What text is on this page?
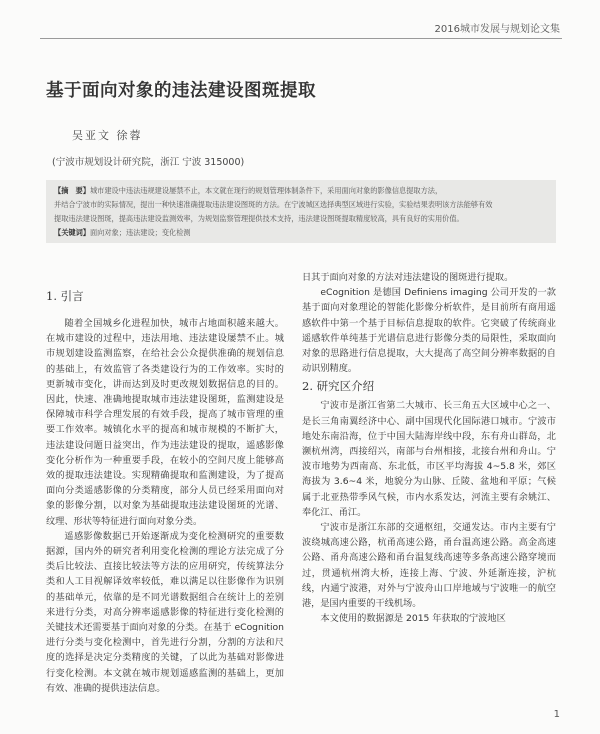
2016城市发展与规划论文集
基于面向对象的违法建设图斑提取
吴亚文 徐蓉
(宁波市规划设计研究院，浙江 宁波 315000)
【摘　要】城市建设中违法违规建设屡禁不止，本文就在现行的规划管理体制条件下，采用面向对象的影像信息提取方法，
并结合宁波市的实际情况，提出一种快速准确提取违法建设图斑的方法。在宁波城区选择典型区域进行实验，实验结果表明该方法能够有效
提取违法建设图斑，提高违法建设监测效率，为规划监察管理提供技术支持，违法建设图斑提取精度较高，具有良好的实用价值。
【关键词】面向对象；违法建设；变化检测
1. 引言

随着全国城乡化进程加快，城市占地面积越来越大。在城市建设的过程中，违法用地、违法建设屡禁不止。城市规划建设监测监察，在给社会公众提供准确的规划信息的基础上，有效监管了各类建设行为的工作效率。实时的更新城市变化，讲而达到及时更改规划数据信息的目的。因此，快速、准确地提取城市违法建设图斑，监测建设是保障城市科学合理发展的有效手段，提高了城市管理的重要工作效率。城镇化水平的提高和城市规模的不断扩大，违法建设问题日益突出，作为违法建设的提取，遥感影像变化分析作为一种重要手段，在较小的空间尺度上能够高效的提取违法建设。实现精确提取和监测建设，为了提高面向分类遥感影像的分类精度，部分人员已经采用面向对象的影像分割，以对象为基础提取违法建设图斑的光谱、纹理、形状等特征进行面向对象分类。

遥感影像数据已开始逐渐成为变化检测研究的重要数据源，国内外的研究者利用变化检测的理论方法完成了分类后比较法、直接比较法等方法的应用研究，传统算法分类和人工目视解译效率较低，难以满足以往影像作为识别的基础单元，依靠的是不同光谱数据组合在统计上的差别来进行分类，对高分辨率遥感影像的特征进行变化检测的关键技术还需要基于面向对象的分类。在基于 eCognition 进行分类与变化检测中，首先进行分割，分割的方法和尺度的选择是决定分类精度的关键，了以此为基础对影像进行变化检测。本文就在城市规划遥感监测的基础上，更加有效、准确的提供违法信息。

日其于面向对象的方法对违法建设的图斑进行提取。

eCognition 是德国 Definiens imaging 公司开发的一款基于面向对象理论的智能化影像分析软件，是目前所有商用遥感软件中第一个基于目标信息提取的软件。它突破了传统商业遥感软件单纯基于光谱信息进行影像分类的局限性，采取面向对象的思路进行信息提取，大大提高了高空间分辨率数据的自动识别精度。

2. 研究区介绍

宁波市是浙江省第二大城市、长三角五大区域中心之一、是长三角南翼经济中心、副中国现代化国际港口城市。宁波市地处东南沿海，位于中国大陆海岸线中段，东有舟山群岛，北濒杭州湾，西接绍兴，南部与台州相接，北接台州和舟山。宁波市地势为西南高、东北低，市区平均海拔 4~5.8 米，郊区海拔为 3.6~4 米，地貌分为山脉、丘陵、盆地和平原；气候属于北亚热带季风气候，市内水系发达，河流主要有余姚江、奉化江、甬江。

宁波市是浙江东部的交通枢纽，交通发达。市内主要有宁波绕城高速公路，杭甬高速公路，甬台温高速公路。高金高速公路、甬舟高速公路和甬台温复线高速等多条高速公路穿境而过，贯通杭州湾大桥，连接上海、宁波、外延渐连接，沪杭线，内通宁波港，对外与宁波舟山口岸地域与宁波唯一的航空港，是国内重要的干线机场。

本文使用的数据源是 2015 年获取的宁波地区

1
